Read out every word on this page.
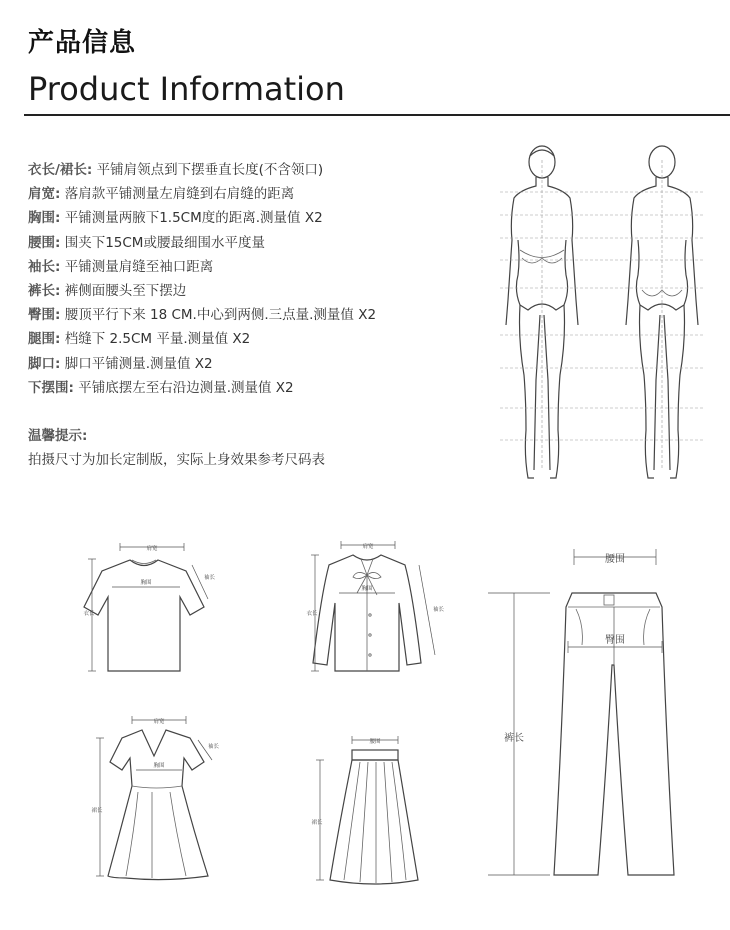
产品信息
Product Information
衣长/裙长: 平铺肩领点到下摆垂直长度(不含领口)
肩宽: 落肩款平铺测量左肩缝到右肩缝的距离
胸围: 平铺测量两腋下1.5CM度的距离.测量值 X2
腰围: 围夹下15CM或腰最细围水平度量
袖长: 平铺测量肩缝至袖口距离
裤长: 裤侧面腰头至下摆边
臀围: 腰顶平行下来 18 CM.中心到两侧.三点量.测量值 X2
腿围: 档缝下 2.5CM 平量.测量值 X2
脚口: 脚口平铺测量.测量值 X2
下摆围: 平铺底摆左至右沿边测量.测量值 X2
温馨提示:
拍摄尺寸为加长定制版，实际上身效果参考尺码表
肩宽
胸围
袖长
衣长
肩宽
胸围
袖长
衣长
肩宽
胸围
袖长
裙长
腰围
裙长
腰围
臀围
裤长
